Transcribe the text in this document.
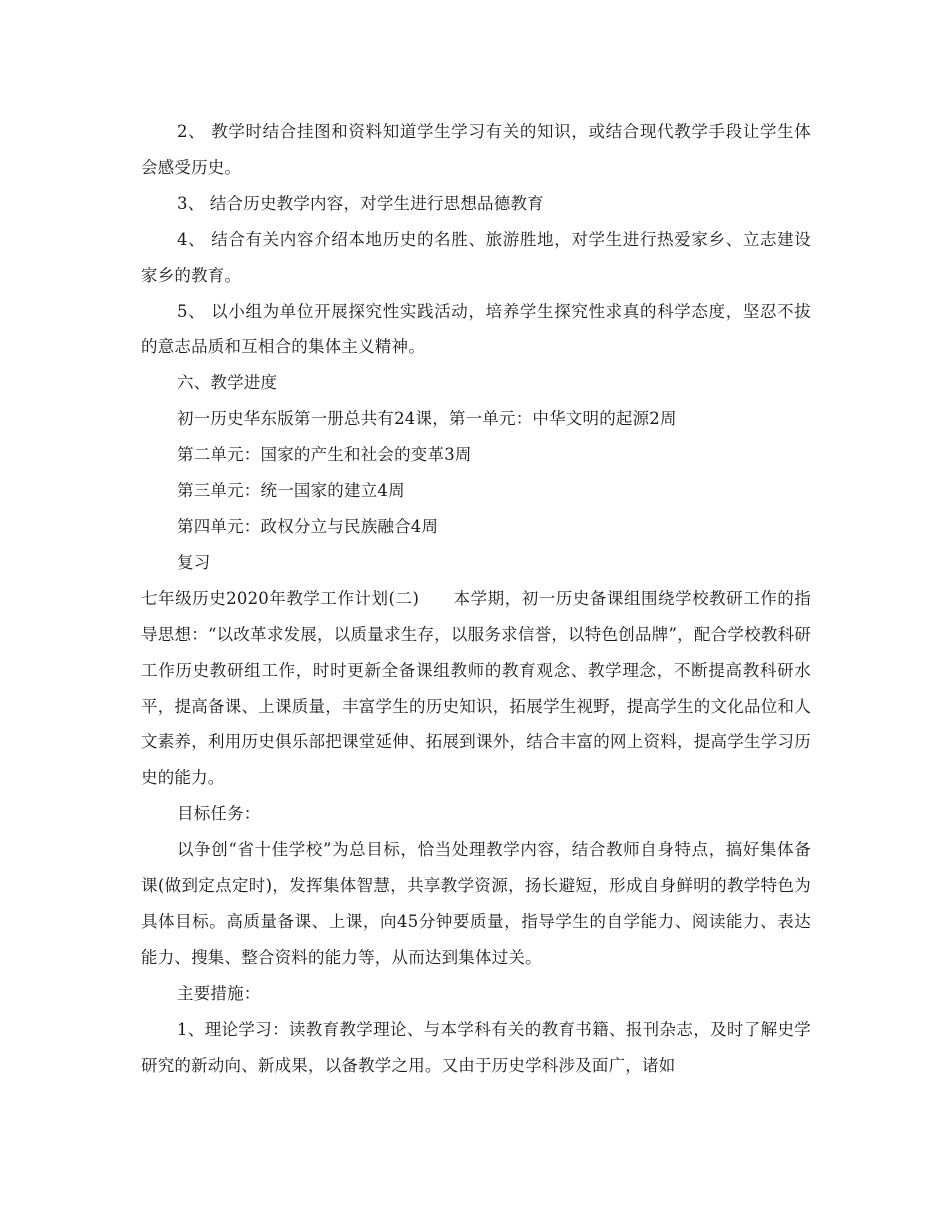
2、 教学时结合挂图和资料知道学生学习有关的知识，或结合现代教学手段让学生体会感受历史。

3、 结合历史教学内容，对学生进行思想品德教育

4、 结合有关内容介绍本地历史的名胜、旅游胜地，对学生进行热爱家乡、立志建设家乡的教育。

5、 以小组为单位开展探究性实践活动，培养学生探究性求真的科学态度，坚忍不拔的意志品质和互相合的集体主义精神。

六、教学进度

初一历史华东版第一册总共有24课，第一单元：中华文明的起源2周

第二单元：国家的产生和社会的变革3周

第三单元：统一国家的建立4周

第四单元：政权分立与民族融合4周

复习

七年级历史2020年教学工作计划(二)　　本学期，初一历史备课组围绕学校教研工作的指导思想：“以改革求发展，以质量求生存，以服务求信誉，以特色创品牌”，配合学校教科研工作历史教研组工作，时时更新全备课组教师的教育观念、教学理念，不断提高教科研水平，提高备课、上课质量，丰富学生的历史知识，拓展学生视野，提高学生的文化品位和人文素养，利用历史俱乐部把课堂延伸、拓展到课外，结合丰富的网上资料，提高学生学习历史的能力。

目标任务：

以争创“省十佳学校”为总目标，恰当处理教学内容，结合教师自身特点，搞好集体备课(做到定点定时)，发挥集体智慧，共享教学资源，扬长避短，形成自身鲜明的教学特色为具体目标。高质量备课、上课，向45分钟要质量，指导学生的自学能力、阅读能力、表达能力、搜集、整合资料的能力等，从而达到集体过关。

主要措施：

1、理论学习：读教育教学理论、与本学科有关的教育书籍、报刊杂志，及时了解史学研究的新动向、新成果，以备教学之用。又由于历史学科涉及面广，诸如
